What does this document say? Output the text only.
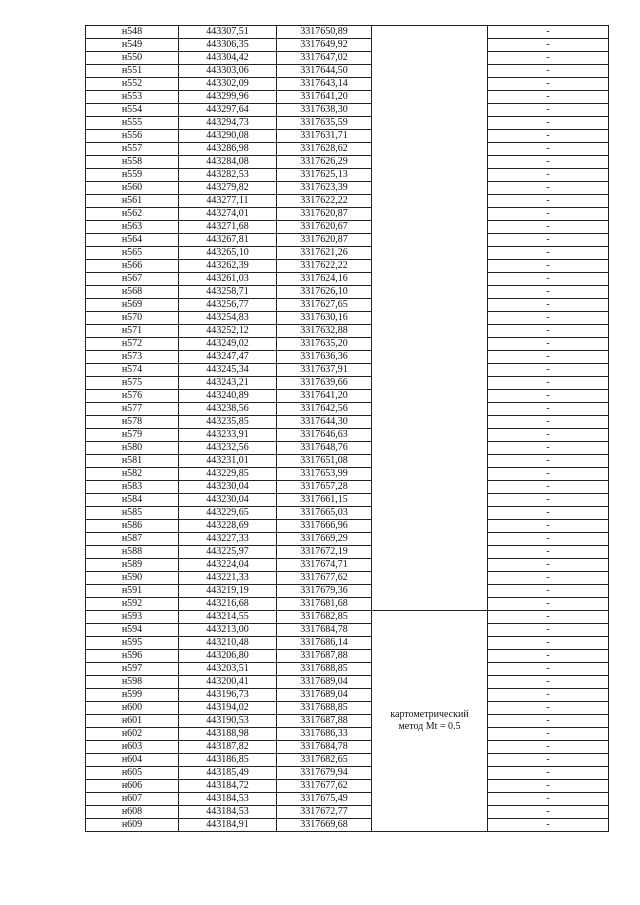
н548	443307,51	3317650,89		-
н549	443306,35	3317649,92		-
н550	443304,42	3317647,02		-
н551	443303,06	3317644,50		-
н552	443302,09	3317643,14		-
н553	443299,96	3317641,20		-
н554	443297,64	3317638,30		-
н555	443294,73	3317635,59		-
н556	443290,08	3317631,71		-
н557	443286,98	3317628,62		-
н558	443284,08	3317626,29		-
н559	443282,53	3317625,13		-
н560	443279,82	3317623,39		-
н561	443277,11	3317622,22		-
н562	443274,01	3317620,87		-
н563	443271,68	3317620,67		-
н564	443267,81	3317620,87		-
н565	443265,10	3317621,26		-
н566	443262,39	3317622,22		-
н567	443261,03	3317624,16		-
н568	443258,71	3317626,10		-
н569	443256,77	3317627,65		-
н570	443254,83	3317630,16		-
н571	443252,12	3317632,88		-
н572	443249,02	3317635,20		-
н573	443247,47	3317636,36		-
н574	443245,34	3317637,91		-
н575	443243,21	3317639,66		-
н576	443240,89	3317641,20		-
н577	443238,56	3317642,56		-
н578	443235,85	3317644,30		-
н579	443233,91	3317646,63		-
н580	443232,56	3317648,76		-
н581	443231,01	3317651,08		-
н582	443229,85	3317653,99		-
н583	443230,04	3317657,28		-
н584	443230,04	3317661,15		-
н585	443229,65	3317665,03		-
н586	443228,69	3317666,96		-
н587	443227,33	3317669,29		-
н588	443225,97	3317672,19		-
н589	443224,04	3317674,71		-
н590	443221,33	3317677,62		-
н591	443219,19	3317679,36		-
н592	443216,68	3317681,68		-
н593	443214,55	3317682,85	картометрический
метод Mt = 0.5	-
н594	443213,00	3317684,78		-
н595	443210,48	3317686,14		-
н596	443206,80	3317687,88		-
н597	443203,51	3317688,85		-
н598	443200,41	3317689,04		-
н599	443196,73	3317689,04		-
н600	443194,02	3317688,85		-
н601	443190,53	3317687,88		-
н602	443188,98	3317686,33		-
н603	443187,82	3317684,78		-
н604	443186,85	3317682,65		-
н605	443185,49	3317679,94		-
н606	443184,72	3317677,62		-
н607	443184,53	3317675,49		-
н608	443184,53	3317672,77		-
н609	443184,91	3317669,68		-
